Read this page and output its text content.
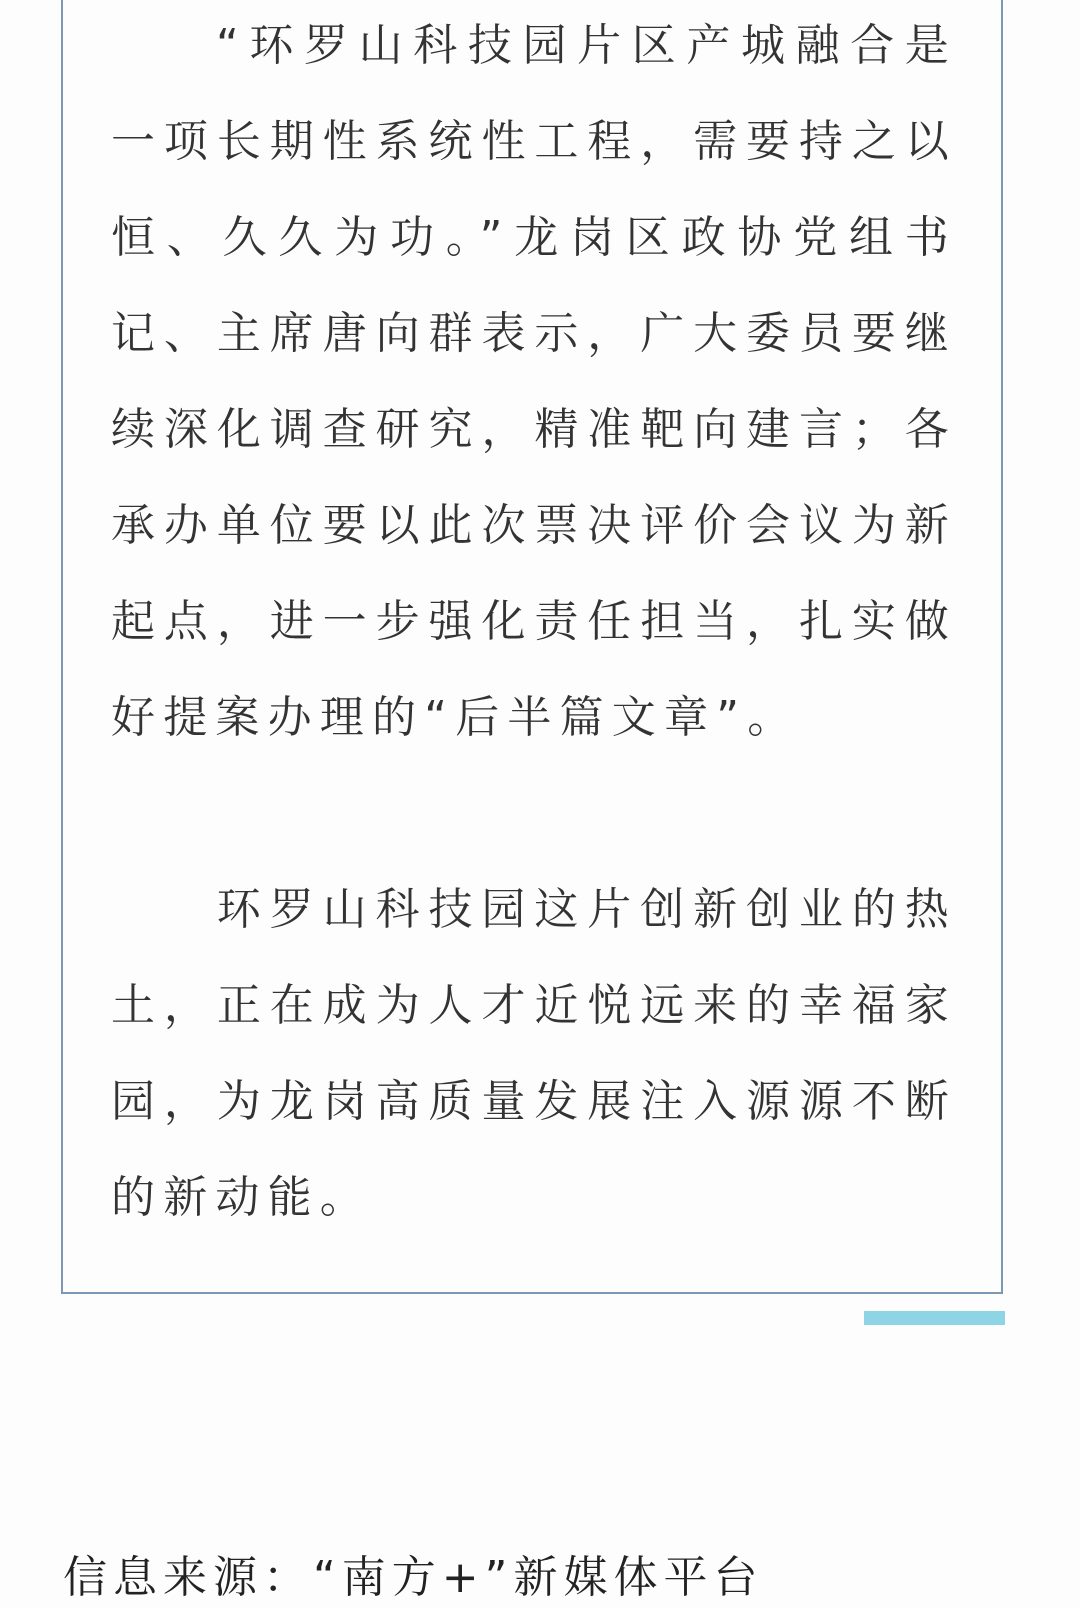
“环罗山科技园片区产城融合是一项长期性系统性工程，需要持之以恒、久久为功。”龙岗区政协党组书记、主席唐向群表示，广大委员要继续深化调查研究，精准靶向建言；各承办单位要以此次票决评价会议为新起点，进一步强化责任担当，扎实做好提案办理的“后半篇文章”。

环罗山科技园这片创新创业的热土，正在成为人才近悦远来的幸福家园，为龙岗高质量发展注入源源不断的新动能。

信息来源：“南方+”新媒体平台
